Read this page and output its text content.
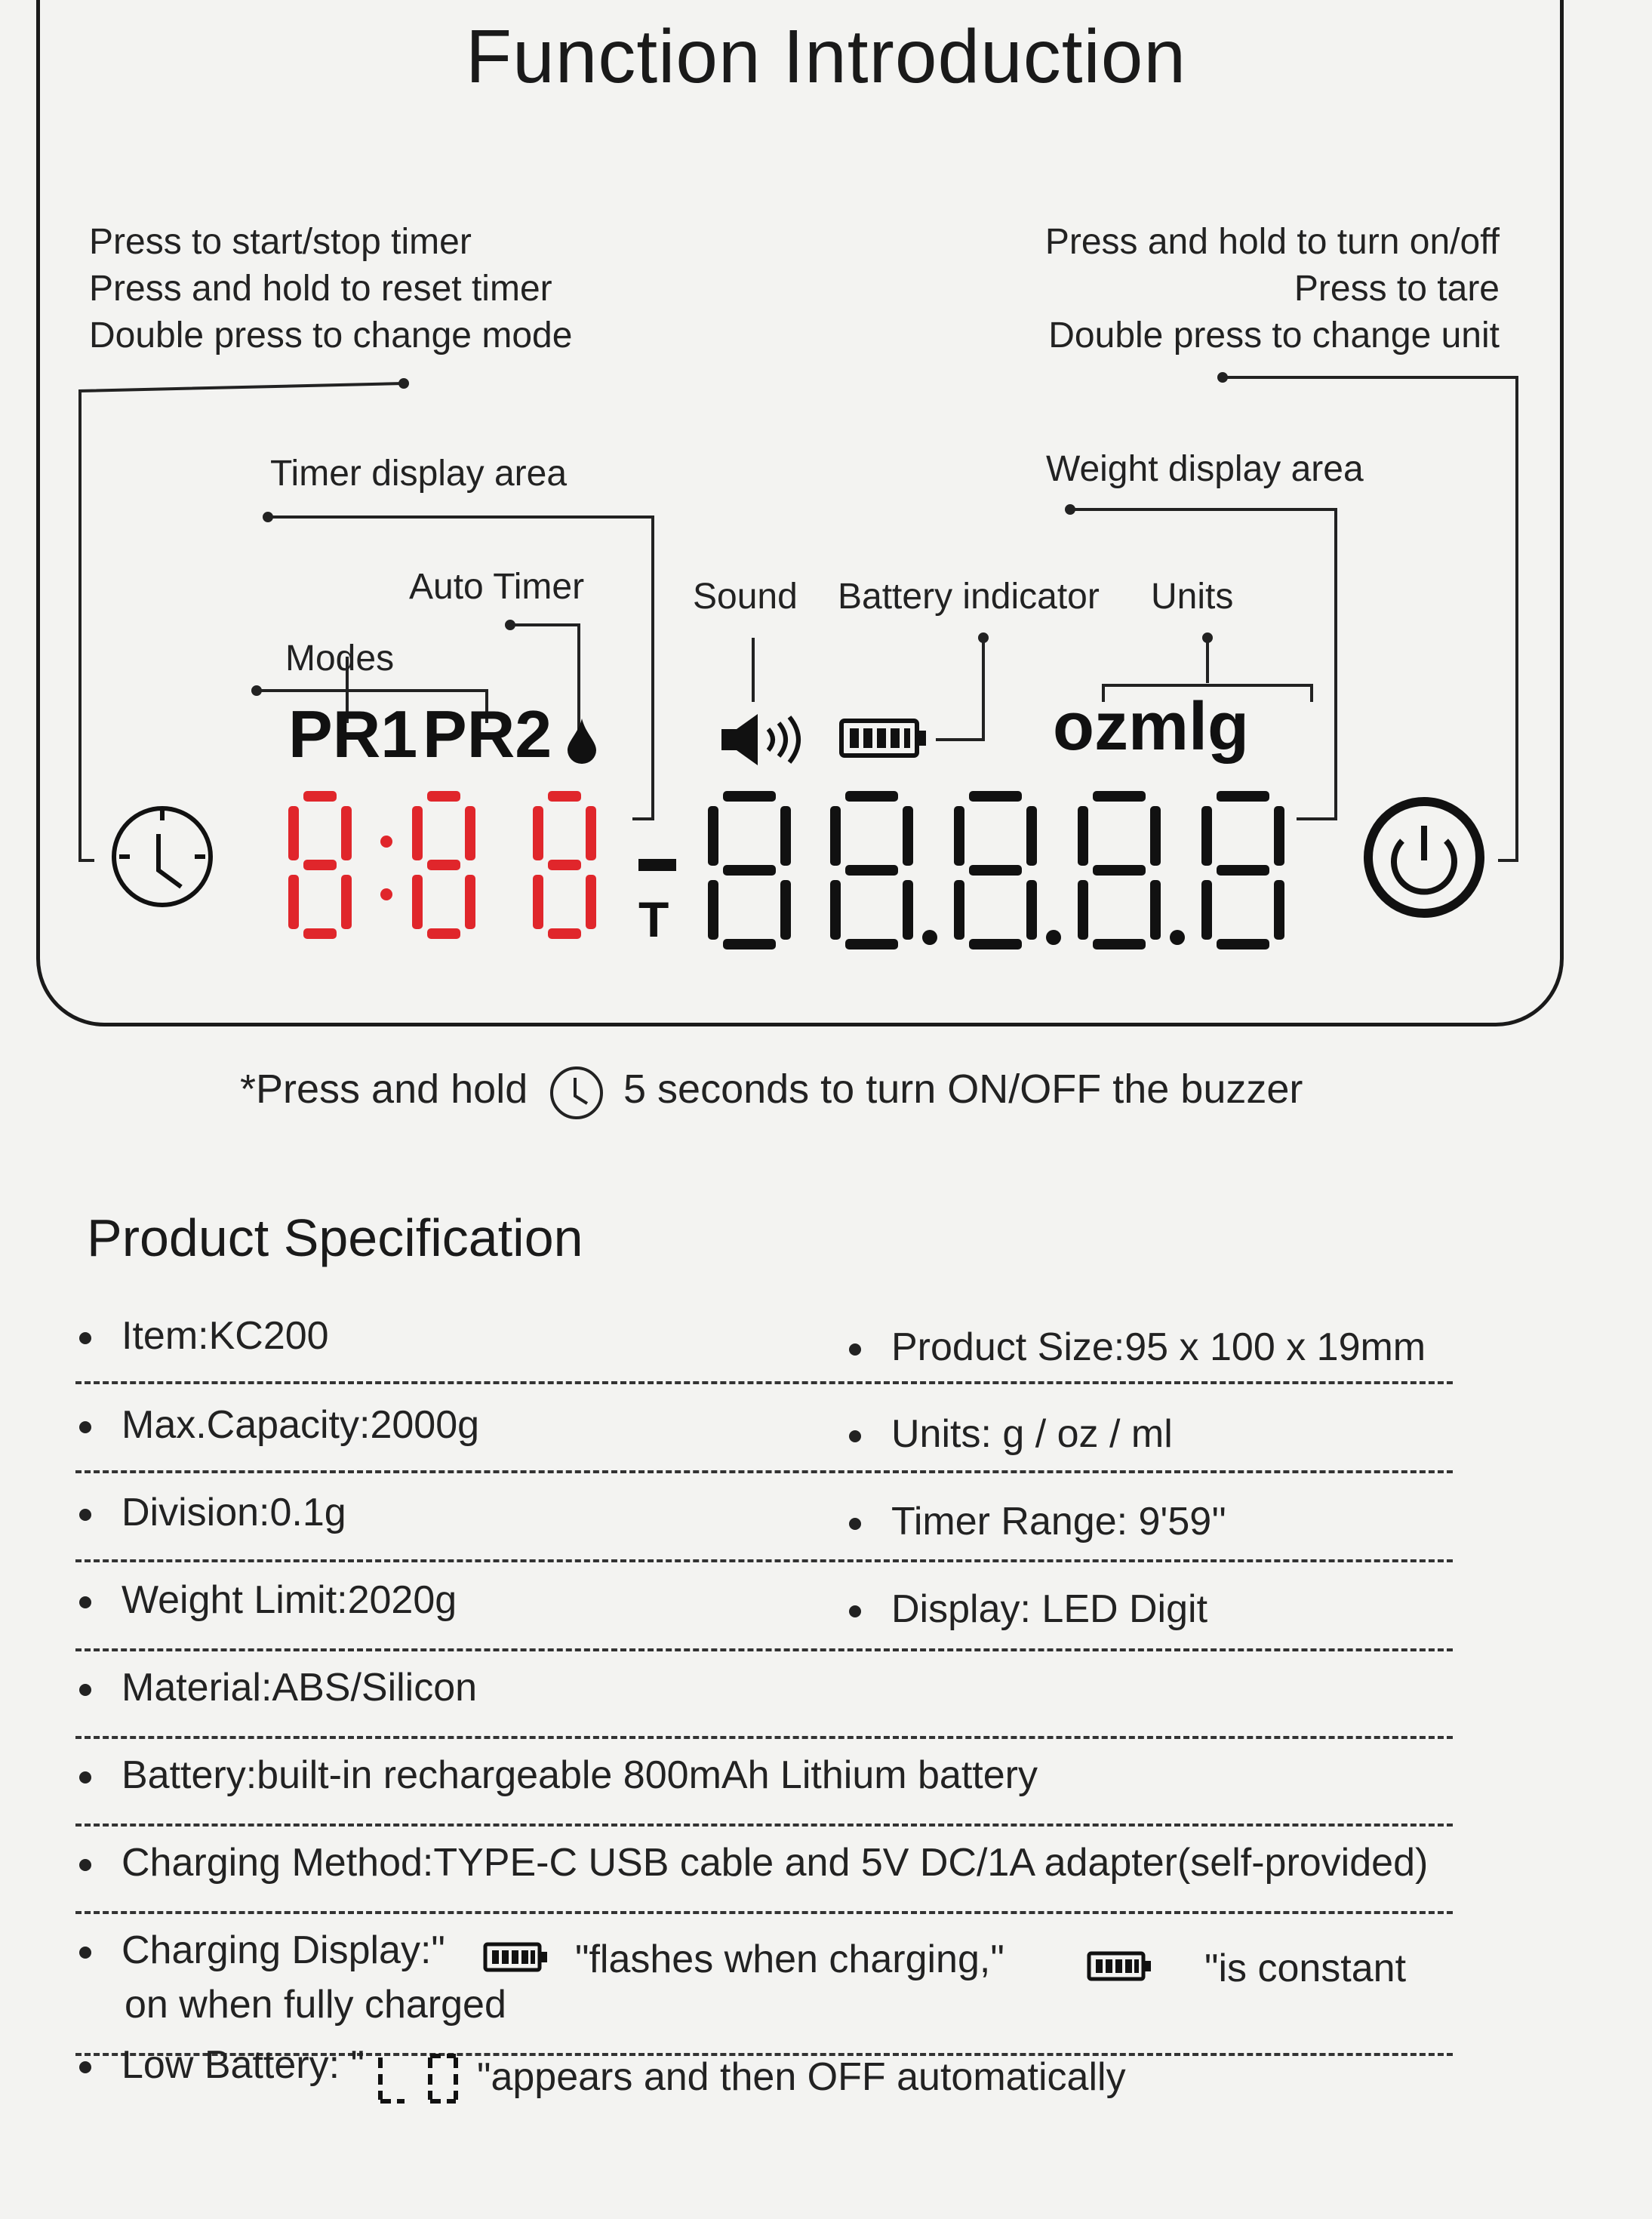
Function Introduction
Press to start/stop timer
Press and hold to reset timer
Double press to change mode
Press and hold to turn on/off
Press to tare
Double press to change unit
Timer display area	Weight display area
Auto Timer
Modes
Sound Battery indicator Units
PR1 PR2	ozmlg
T
*Press and hold 5 seconds to turn ON/OFF the buzzer
Product Specification
Item:KC200	Product Size:95 x 100 x 19mm
Max.Capacity:2000g	Units: g / oz / ml
Division:0.1g	Timer Range: 9'59''
Weight Limit:2020g	Display: LED Digit
Material:ABS/Silicon
Battery:built-in rechargeable 800mAh Lithium battery
Charging Method:TYPE-C USB cable and 5V DC/1A adapter(self-provided)
Charging Display:"	"flashes when charging,"	"is constant
on when fully charged
Low Battery: "	"appears and then OFF automatically
